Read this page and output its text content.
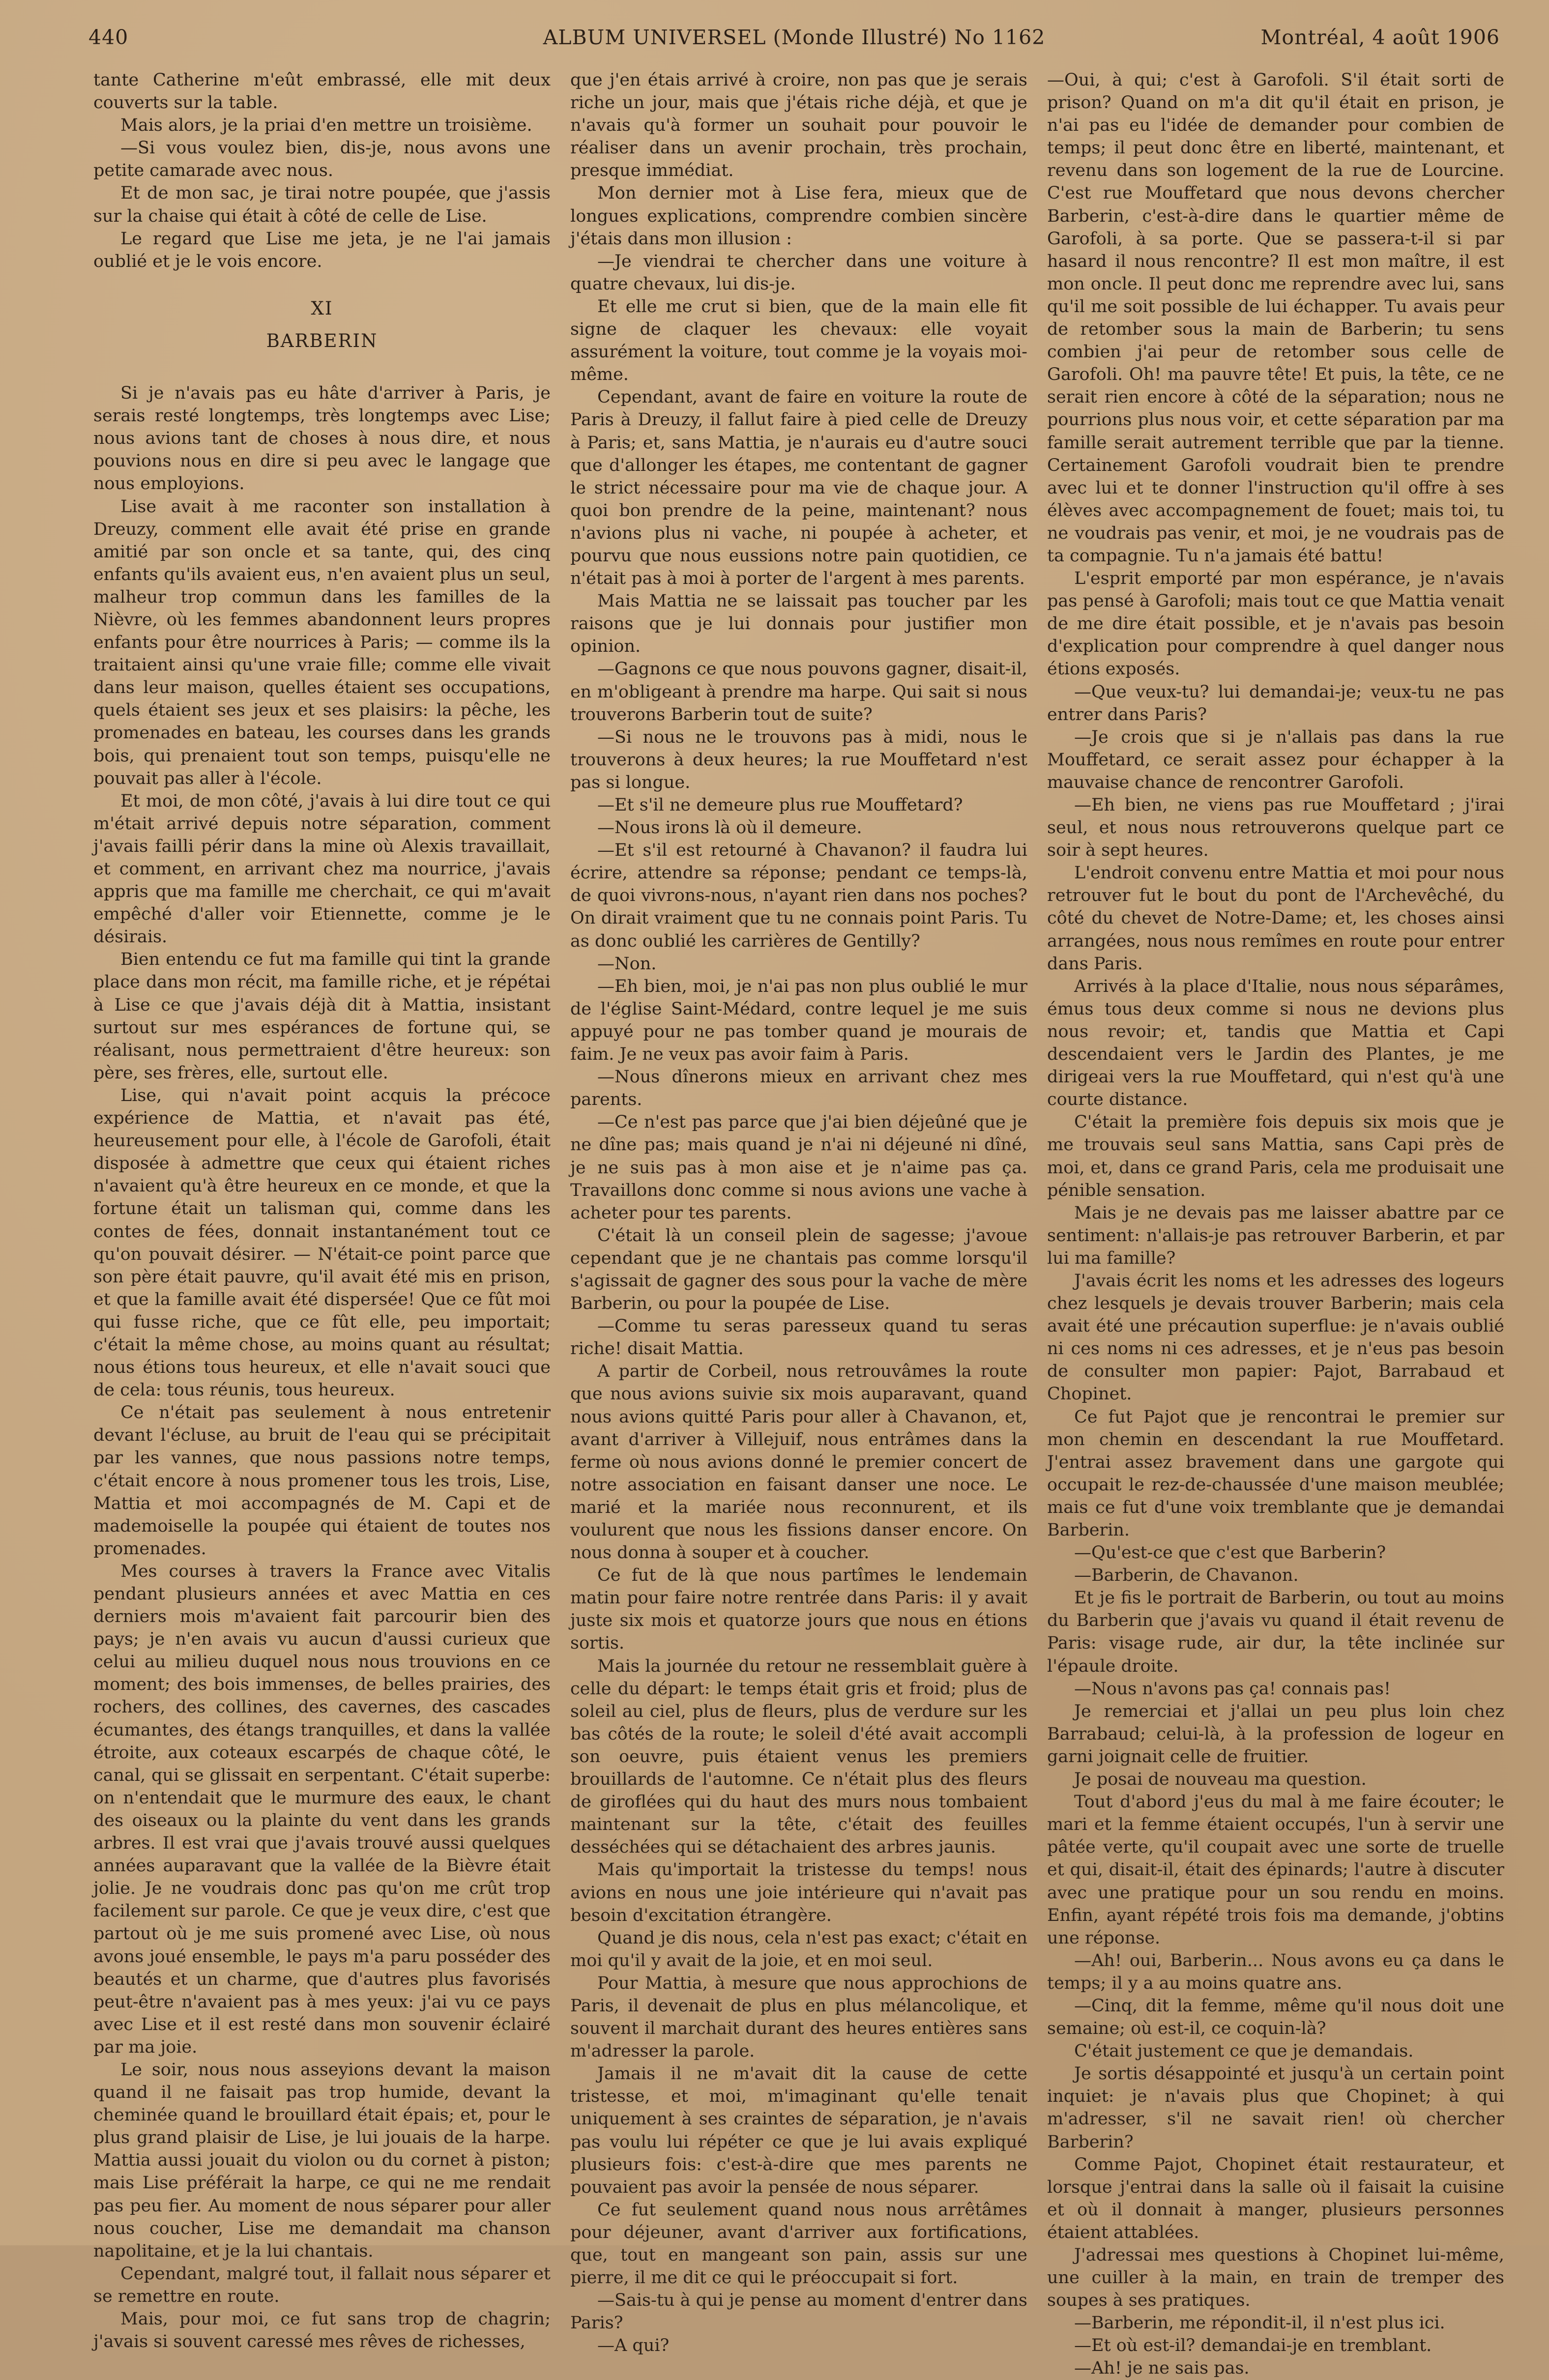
440	ALBUM UNIVERSEL (Monde Illustré) No 1162	Montréal, 4 août 1906

tante Catherine m'eût embrassé, elle mit deux couverts sur la table.

Mais alors, je la priai d'en mettre un troisième.

—Si vous voulez bien, dis-je, nous avons une petite camarade avec nous.

Et de mon sac, je tirai notre poupée, que j'assis sur la chaise qui était à côté de celle de Lise.

Le regard que Lise me jeta, je ne l'ai jamais oublié et je le vois encore.

XI

BARBERIN

Si je n'avais pas eu hâte d'arriver à Paris, je serais resté longtemps, très longtemps avec Lise; nous avions tant de choses à nous dire, et nous pouvions nous en dire si peu avec le langage que nous employions.

Lise avait à me raconter son installation à Dreuzy, comment elle avait été prise en grande amitié par son oncle et sa tante, qui, des cinq enfants qu'ils avaient eus, n'en avaient plus un seul, malheur trop commun dans les familles de la Nièvre, où les femmes abandonnent leurs propres enfants pour être nourrices à Paris; — comme ils la traitaient ainsi qu'une vraie fille; comme elle vivait dans leur maison, quelles étaient ses occupations, quels étaient ses jeux et ses plaisirs: la pêche, les promenades en bateau, les courses dans les grands bois, qui prenaient tout son temps, puisqu'elle ne pouvait pas aller à l'école.

Et moi, de mon côté, j'avais à lui dire tout ce qui m'était arrivé depuis notre séparation, comment j'avais failli périr dans la mine où Alexis travaillait, et comment, en arrivant chez ma nourrice, j'avais appris que ma famille me cherchait, ce qui m'avait empêché d'aller voir Etiennette, comme je le désirais.

Bien entendu ce fut ma famille qui tint la grande place dans mon récit, ma famille riche, et je répétai à Lise ce que j'avais déjà dit à Mattia, insistant surtout sur mes espérances de fortune qui, se réalisant, nous permettraient d'être heureux: son père, ses frères, elle, surtout elle.

Lise, qui n'avait point acquis la précoce expérience de Mattia, et n'avait pas été, heureusement pour elle, à l'école de Garofoli, était disposée à admettre que ceux qui étaient riches n'avaient qu'à être heureux en ce monde, et que la fortune était un talisman qui, comme dans les contes de fées, donnait instantanément tout ce qu'on pouvait désirer. — N'était-ce point parce que son père était pauvre, qu'il avait été mis en prison, et que la famille avait été dispersée! Que ce fût moi qui fusse riche, que ce fût elle, peu importait; c'était la même chose, au moins quant au résultat; nous étions tous heureux, et elle n'avait souci que de cela: tous réunis, tous heureux.

Ce n'était pas seulement à nous entretenir devant l'écluse, au bruit de l'eau qui se précipitait par les vannes, que nous passions notre temps, c'était encore à nous promener tous les trois, Lise, Mattia et moi accompagnés de M. Capi et de mademoiselle la poupée qui étaient de toutes nos promenades.

Mes courses à travers la France avec Vitalis pendant plusieurs années et avec Mattia en ces derniers mois m'avaient fait parcourir bien des pays; je n'en avais vu aucun d'aussi curieux que celui au milieu duquel nous nous trouvions en ce moment; des bois immenses, de belles prairies, des rochers, des collines, des cavernes, des cascades écumantes, des étangs tranquilles, et dans la vallée étroite, aux coteaux escarpés de chaque côté, le canal, qui se glissait en serpentant. C'était superbe: on n'entendait que le murmure des eaux, le chant des oiseaux ou la plainte du vent dans les grands arbres. Il est vrai que j'avais trouvé aussi quelques années auparavant que la vallée de la Bièvre était jolie. Je ne voudrais donc pas qu'on me crût trop facilement sur parole. Ce que je veux dire, c'est que partout où je me suis promené avec Lise, où nous avons joué ensemble, le pays m'a paru posséder des beautés et un charme, que d'autres plus favorisés peut-être n'avaient pas à mes yeux: j'ai vu ce pays avec Lise et il est resté dans mon souvenir éclairé par ma joie.

Le soir, nous nous asseyions devant la maison quand il ne faisait pas trop humide, devant la cheminée quand le brouillard était épais; et, pour le plus grand plaisir de Lise, je lui jouais de la harpe. Mattia aussi jouait du violon ou du cornet à piston; mais Lise préférait la harpe, ce qui ne me rendait pas peu fier. Au moment de nous séparer pour aller nous coucher, Lise me demandait ma chanson napolitaine, et je la lui chantais.

Cependant, malgré tout, il fallait nous séparer et se remettre en route.

Mais, pour moi, ce fut sans trop de chagrin; j'avais si souvent caressé mes rêves de richesses,

que j'en étais arrivé à croire, non pas que je serais riche un jour, mais que j'étais riche déjà, et que je n'avais qu'à former un souhait pour pouvoir le réaliser dans un avenir prochain, très prochain, presque immédiat.

Mon dernier mot à Lise fera, mieux que de longues explications, comprendre combien sincère j'étais dans mon illusion :

—Je viendrai te chercher dans une voiture à quatre chevaux, lui dis-je.

Et elle me crut si bien, que de la main elle fit signe de claquer les chevaux: elle voyait assurément la voiture, tout comme je la voyais moi-même.

Cependant, avant de faire en voiture la route de Paris à Dreuzy, il fallut faire à pied celle de Dreuzy à Paris; et, sans Mattia, je n'aurais eu d'autre souci que d'allonger les étapes, me contentant de gagner le strict nécessaire pour ma vie de chaque jour. A quoi bon prendre de la peine, maintenant? nous n'avions plus ni vache, ni poupée à acheter, et pourvu que nous eussions notre pain quotidien, ce n'était pas à moi à porter de l'argent à mes parents.

Mais Mattia ne se laissait pas toucher par les raisons que je lui donnais pour justifier mon opinion.

—Gagnons ce que nous pouvons gagner, disait-il, en m'obligeant à prendre ma harpe. Qui sait si nous trouverons Barberin tout de suite?

—Si nous ne le trouvons pas à midi, nous le trouverons à deux heures; la rue Mouffetard n'est pas si longue.

—Et s'il ne demeure plus rue Mouffetard?

—Nous irons là où il demeure.

—Et s'il est retourné à Chavanon? il faudra lui écrire, attendre sa réponse; pendant ce temps-là, de quoi vivrons-nous, n'ayant rien dans nos poches? On dirait vraiment que tu ne connais point Paris. Tu as donc oublié les carrières de Gentilly?

—Non.

—Eh bien, moi, je n'ai pas non plus oublié le mur de l'église Saint-Médard, contre lequel je me suis appuyé pour ne pas tomber quand je mourais de faim. Je ne veux pas avoir faim à Paris.

—Nous dînerons mieux en arrivant chez mes parents.

—Ce n'est pas parce que j'ai bien déjeûné que je ne dîne pas; mais quand je n'ai ni déjeuné ni dîné, je ne suis pas à mon aise et je n'aime pas ça. Travaillons donc comme si nous avions une vache à acheter pour tes parents.

C'était là un conseil plein de sagesse; j'avoue cependant que je ne chantais pas comme lorsqu'il s'agissait de gagner des sous pour la vache de mère Barberin, ou pour la poupée de Lise.

—Comme tu seras paresseux quand tu seras riche! disait Mattia.

A partir de Corbeil, nous retrouvâmes la route que nous avions suivie six mois auparavant, quand nous avions quitté Paris pour aller à Chavanon, et, avant d'arriver à Villejuif, nous entrâmes dans la ferme où nous avions donné le premier concert de notre association en faisant danser une noce. Le marié et la mariée nous reconnurent, et ils voulurent que nous les fissions danser encore. On nous donna à souper et à coucher.

Ce fut de là que nous partîmes le lendemain matin pour faire notre rentrée dans Paris: il y avait juste six mois et quatorze jours que nous en étions sortis.

Mais la journée du retour ne ressemblait guère à celle du départ: le temps était gris et froid; plus de soleil au ciel, plus de fleurs, plus de verdure sur les bas côtés de la route; le soleil d'été avait accompli son oeuvre, puis étaient venus les premiers brouillards de l'automne. Ce n'était plus des fleurs de giroflées qui du haut des murs nous tombaient maintenant sur la tête, c'était des feuilles desséchées qui se détachaient des arbres jaunis.

Mais qu'importait la tristesse du temps! nous avions en nous une joie intérieure qui n'avait pas besoin d'excitation étrangère.

Quand je dis nous, cela n'est pas exact; c'était en moi qu'il y avait de la joie, et en moi seul.

Pour Mattia, à mesure que nous approchions de Paris, il devenait de plus en plus mélancolique, et souvent il marchait durant des heures entières sans m'adresser la parole.

Jamais il ne m'avait dit la cause de cette tristesse, et moi, m'imaginant qu'elle tenait uniquement à ses craintes de séparation, je n'avais pas voulu lui répéter ce que je lui avais expliqué plusieurs fois: c'est-à-dire que mes parents ne pouvaient pas avoir la pensée de nous séparer.

Ce fut seulement quand nous nous arrêtâmes pour déjeuner, avant d'arriver aux fortifications, que, tout en mangeant son pain, assis sur une pierre, il me dit ce qui le préoccupait si fort.

—Sais-tu à qui je pense au moment d'entrer dans Paris?

—A qui?

—Oui, à qui; c'est à Garofoli. S'il était sorti de prison? Quand on m'a dit qu'il était en prison, je n'ai pas eu l'idée de demander pour combien de temps; il peut donc être en liberté, maintenant, et revenu dans son logement de la rue de Lourcine. C'est rue Mouffetard que nous devons chercher Barberin, c'est-à-dire dans le quartier même de Garofoli, à sa porte. Que se passera-t-il si par hasard il nous rencontre? Il est mon maître, il est mon oncle. Il peut donc me reprendre avec lui, sans qu'il me soit possible de lui échapper. Tu avais peur de retomber sous la main de Barberin; tu sens combien j'ai peur de retomber sous celle de Garofoli. Oh! ma pauvre tête! Et puis, la tête, ce ne serait rien encore à côté de la séparation; nous ne pourrions plus nous voir, et cette séparation par ma famille serait autrement terrible que par la tienne. Certainement Garofoli voudrait bien te prendre avec lui et te donner l'instruction qu'il offre à ses élèves avec accompagnement de fouet; mais toi, tu ne voudrais pas venir, et moi, je ne voudrais pas de ta compagnie. Tu n'a jamais été battu!

L'esprit emporté par mon espérance, je n'avais pas pensé à Garofoli; mais tout ce que Mattia venait de me dire était possible, et je n'avais pas besoin d'explication pour comprendre à quel danger nous étions exposés.

—Que veux-tu? lui demandai-je; veux-tu ne pas entrer dans Paris?

—Je crois que si je n'allais pas dans la rue Mouffetard, ce serait assez pour échapper à la mauvaise chance de rencontrer Garofoli.

—Eh bien, ne viens pas rue Mouffetard ; j'irai seul, et nous nous retrouverons quelque part ce soir à sept heures.

L'endroit convenu entre Mattia et moi pour nous retrouver fut le bout du pont de l'Archevêché, du côté du chevet de Notre-Dame; et, les choses ainsi arrangées, nous nous remîmes en route pour entrer dans Paris.

Arrivés à la place d'Italie, nous nous séparâmes, émus tous deux comme si nous ne devions plus nous revoir; et, tandis que Mattia et Capi descendaient vers le Jardin des Plantes, je me dirigeai vers la rue Mouffetard, qui n'est qu'à une courte distance.

C'était la première fois depuis six mois que je me trouvais seul sans Mattia, sans Capi près de moi, et, dans ce grand Paris, cela me produisait une pénible sensation.

Mais je ne devais pas me laisser abattre par ce sentiment: n'allais-je pas retrouver Barberin, et par lui ma famille?

J'avais écrit les noms et les adresses des logeurs chez lesquels je devais trouver Barberin; mais cela avait été une précaution superflue: je n'avais oublié ni ces noms ni ces adresses, et je n'eus pas besoin de consulter mon papier: Pajot, Barrabaud et Chopinet.

Ce fut Pajot que je rencontrai le premier sur mon chemin en descendant la rue Mouffetard. J'entrai assez bravement dans une gargote qui occupait le rez-de-chaussée d'une maison meublée; mais ce fut d'une voix tremblante que je demandai Barberin.

—Qu'est-ce que c'est que Barberin?

—Barberin, de Chavanon.

Et je fis le portrait de Barberin, ou tout au moins du Barberin que j'avais vu quand il était revenu de Paris: visage rude, air dur, la tête inclinée sur l'épaule droite.

—Nous n'avons pas ça! connais pas!

Je remerciai et j'allai un peu plus loin chez Barrabaud; celui-là, à la profession de logeur en garni joignait celle de fruitier.

Je posai de nouveau ma question.

Tout d'abord j'eus du mal à me faire écouter; le mari et la femme étaient occupés, l'un à servir une pâtée verte, qu'il coupait avec une sorte de truelle et qui, disait-il, était des épinards; l'autre à discuter avec une pratique pour un sou rendu en moins. Enfin, ayant répété trois fois ma demande, j'obtins une réponse.

—Ah! oui, Barberin... Nous avons eu ça dans le temps; il y a au moins quatre ans.

—Cinq, dit la femme, même qu'il nous doit une semaine; où est-il, ce coquin-là?

C'était justement ce que je demandais.

Je sortis désappointé et jusqu'à un certain point inquiet: je n'avais plus que Chopinet; à qui m'adresser, s'il ne savait rien! où chercher Barberin?

Comme Pajot, Chopinet était restaurateur, et lorsque j'entrai dans la salle où il faisait la cuisine et où il donnait à manger, plusieurs personnes étaient attablées.

J'adressai mes questions à Chopinet lui-même, une cuiller à la main, en train de tremper des soupes à ses pratiques.

—Barberin, me répondit-il, il n'est plus ici.

—Et où est-il? demandai-je en tremblant.

—Ah! je ne sais pas.
